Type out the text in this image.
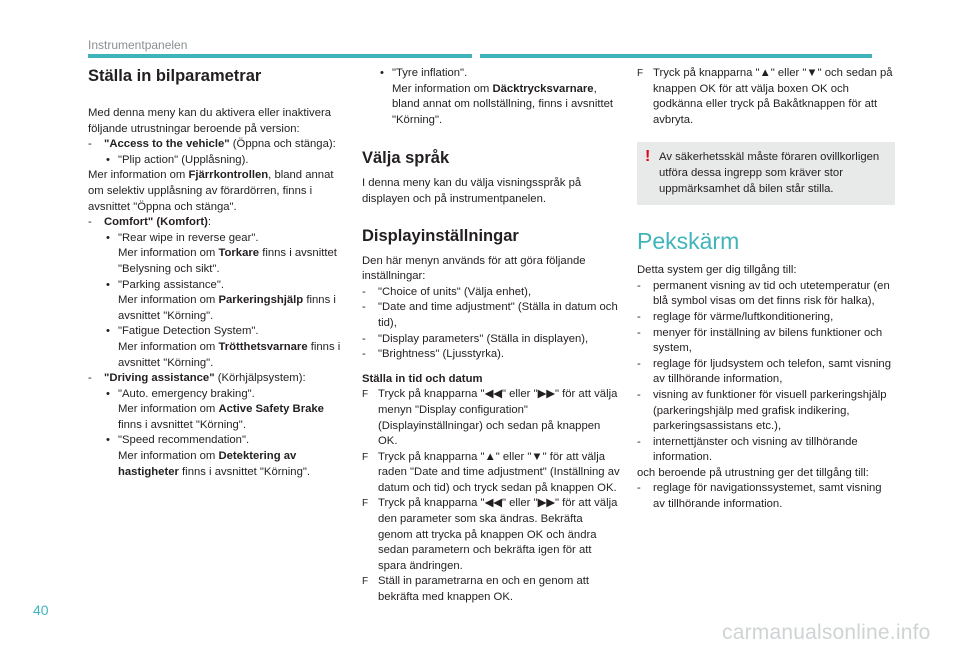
Instrumentpanelen
Ställa in bilparametrar

Med denna meny kan du aktivera eller inaktivera följande utrustningar beroende på version:

- "Access to the vehicle" (Öppna och stänga):
• "Plip action" (Upplåsning).

Mer information om Fjärrkontrollen, bland annat om selektiv upplåsning av förardörren, finns i avsnittet "Öppna och stänga".

- Comfort" (Komfort):
• "Rear wipe in reverse gear".
Mer information om Torkare finns i avsnittet "Belysning och sikt".
• "Parking assistance".
Mer information om Parkeringshjälp finns i avsnittet "Körning".
• "Fatigue Detection System".
Mer information om Trötthetsvarnare finns i avsnittet "Körning".
- "Driving assistance" (Körhjälpsystem):
• "Auto. emergency braking".
Mer information om Active Safety Brake finns i avsnittet "Körning".
• "Speed recommendation".
Mer information om Detektering av hastigheter finns i avsnittet "Körning".
• "Tyre inflation".
Mer information om Däcktrycksvarnare, bland annat om nollställning, finns i avsnittet "Körning".
Välja språk

I denna meny kan du välja visningsspråk på displayen och på instrumentpanelen.

Displayinställningar

Den här menyn används för att göra följande inställningar:

- "Choice of units" (Välja enhet),
- "Date and time adjustment" (Ställa in datum och tid),
- "Display parameters" (Ställa in displayen),
- "Brightness" (Ljusstyrka).

Ställa in tid och datum

F Tryck på knapparna "◀◀" eller "▶▶" för att välja menyn "Display configuration" (Displayinställningar) och sedan på knappen OK.
F Tryck på knapparna "▲" eller "▼" för att välja raden "Date and time adjustment" (Inställning av datum och tid) och tryck sedan på knappen OK.
F Tryck på knapparna "◀◀" eller "▶▶" för att välja den parameter som ska ändras. Bekräfta genom att trycka på knappen OK och ändra sedan parametern och bekräfta igen för att spara ändringen.
F Ställ in parametrarna en och en genom att bekräfta med knappen OK.
F Tryck på knapparna "▲" eller "▼" och sedan på knappen OK för att välja boxen OK och godkänna eller tryck på Bakåtknappen för att avbryta.
! Av säkerhetsskäl måste föraren ovillkorligen utföra dessa ingrepp som kräver stor uppmärksamhet då bilen står stilla.
Pekskärm

Detta system ger dig tillgång till:

- permanent visning av tid och utetemperatur (en blå symbol visas om det finns risk för halka),
- reglage för värme/luftkonditionering,
- menyer för inställning av bilens funktioner och system,
- reglage för ljudsystem och telefon, samt visning av tillhörande information,
- visning av funktioner för visuell parkeringshjälp (parkeringshjälp med grafisk indikering, parkeringsassistans etc.),
- internettjänster och visning av tillhörande information.

och beroende på utrustning ger det tillgång till:

- reglage för navigationssystemet, samt visning av tillhörande information.
40
carmanualsonline.info
